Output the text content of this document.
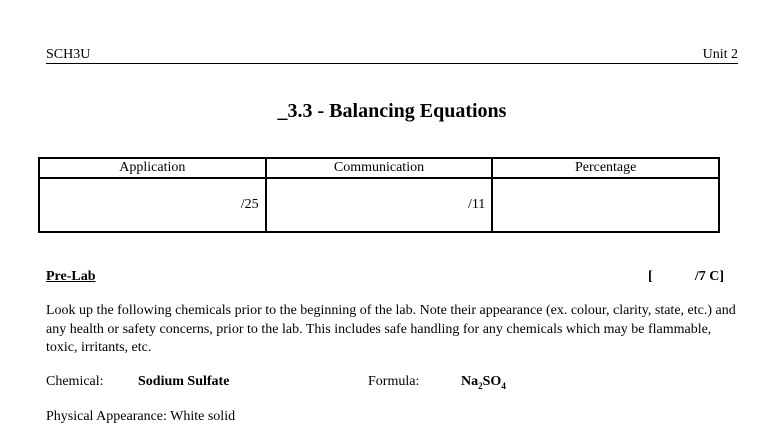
SCH3U	Unit 2
_3.3 - Balancing Equations
Application	Communication	Percentage
/25	/11	
Pre-Lab	[	/7 C]
Look up the following chemicals prior to the beginning of the lab. Note their appearance (ex. colour, clarity, state, etc.) and any health or safety concerns, prior to the lab. This includes safe handling for any chemicals which may be flammable, toxic, irritants, etc.
Chemical: Sodium Sulfate	Formula:	$Na_2SO_4$
Physical Appearance: White solid
